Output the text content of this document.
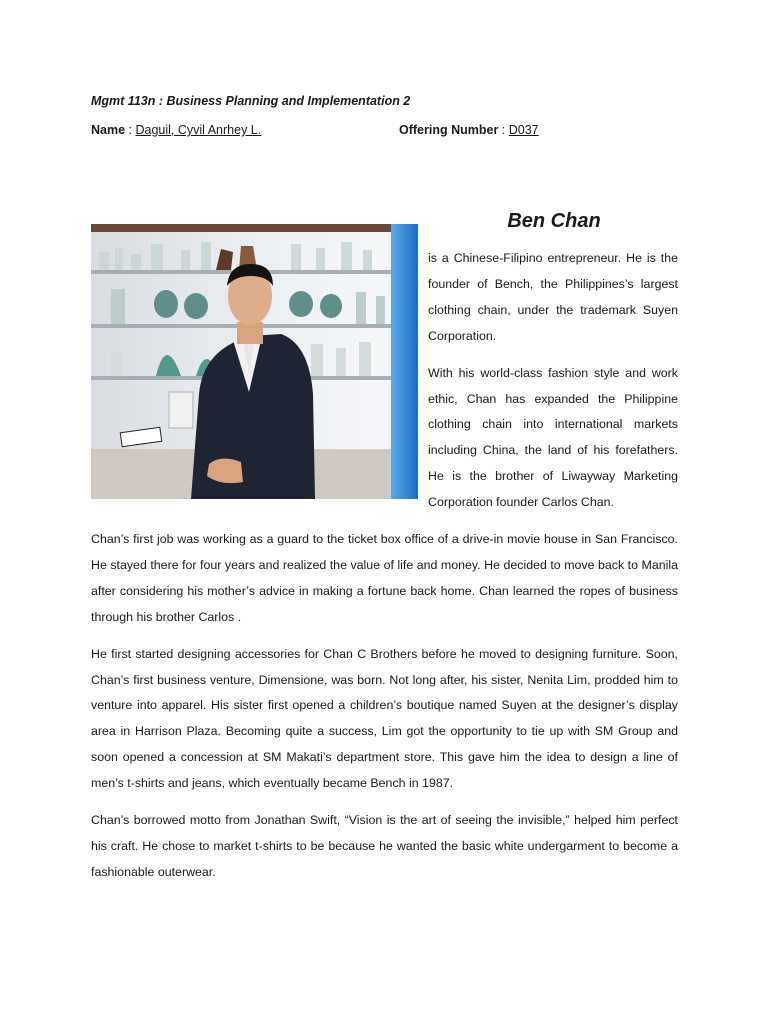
Mgmt 113n : Business Planning and Implementation 2
Name : Daguil, Cyvil Anrhey L.	Offering Number : D037
Ben Chan

is a Chinese-Filipino entrepreneur. He is the founder of Bench, the Philippines’s largest clothing chain, under the trademark Suyen Corporation.

With his world-class fashion style and work ethic, Chan has expanded the Philippine clothing chain into international markets including China, the land of his forefathers. He is the brother of Liwayway Marketing Corporation founder Carlos Chan.

Chan’s first job was working as a guard to the ticket box office of a drive-in movie house in San Francisco. He stayed there for four years and realized the value of life and money. He decided to move back to Manila after considering his mother’s advice in making a fortune back home. Chan learned the ropes of business through his brother Carlos .

He first started designing accessories for Chan C Brothers before he moved to designing furniture. Soon, Chan’s first business venture, Dimensione, was born. Not long after, his sister, Nenita Lim, prodded him to venture into apparel. His sister first opened a children’s boutique named Suyen at the designer’s display area in Harrison Plaza. Becoming quite a success, Lim got the opportunity to tie up with SM Group and soon opened a concession at SM Makati’s department store. This gave him the idea to design a line of men’s t-shirts and jeans, which eventually became Bench in 1987.

Chan’s borrowed motto from Jonathan Swift, “Vision is the art of seeing the invisible,” helped him perfect his craft. He chose to market t-shirts to be because he wanted the basic white undergarment to become a fashionable outerwear.
